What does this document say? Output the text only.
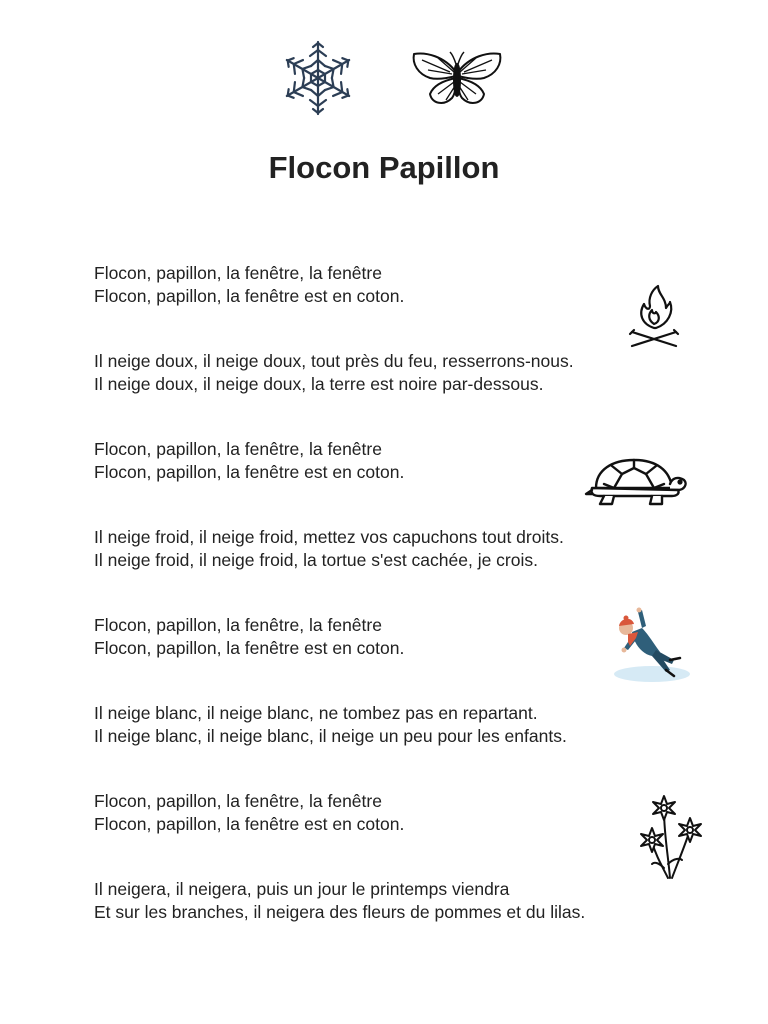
Flocon Papillon

Flocon, papillon, la fenêtre, la fenêtre
Flocon, papillon, la fenêtre est en coton.

Il neige doux, il neige doux, tout près du feu, resserrons-nous.
Il neige doux, il neige doux, la terre est noire par-dessous.

Flocon, papillon, la fenêtre, la fenêtre
Flocon, papillon, la fenêtre est en coton.

Il neige froid, il neige froid, mettez vos capuchons tout droits.
Il neige froid, il neige froid, la tortue s'est cachée, je crois.

Flocon, papillon, la fenêtre, la fenêtre
Flocon, papillon, la fenêtre est en coton.

Il neige blanc, il neige blanc, ne tombez pas en repartant.
Il neige blanc, il neige blanc, il neige un peu pour les enfants.

Flocon, papillon, la fenêtre, la fenêtre
Flocon, papillon, la fenêtre est en coton.

Il neigera, il neigera, puis un jour le printemps viendra
Et sur les branches, il neigera des fleurs de pommes et du lilas.
